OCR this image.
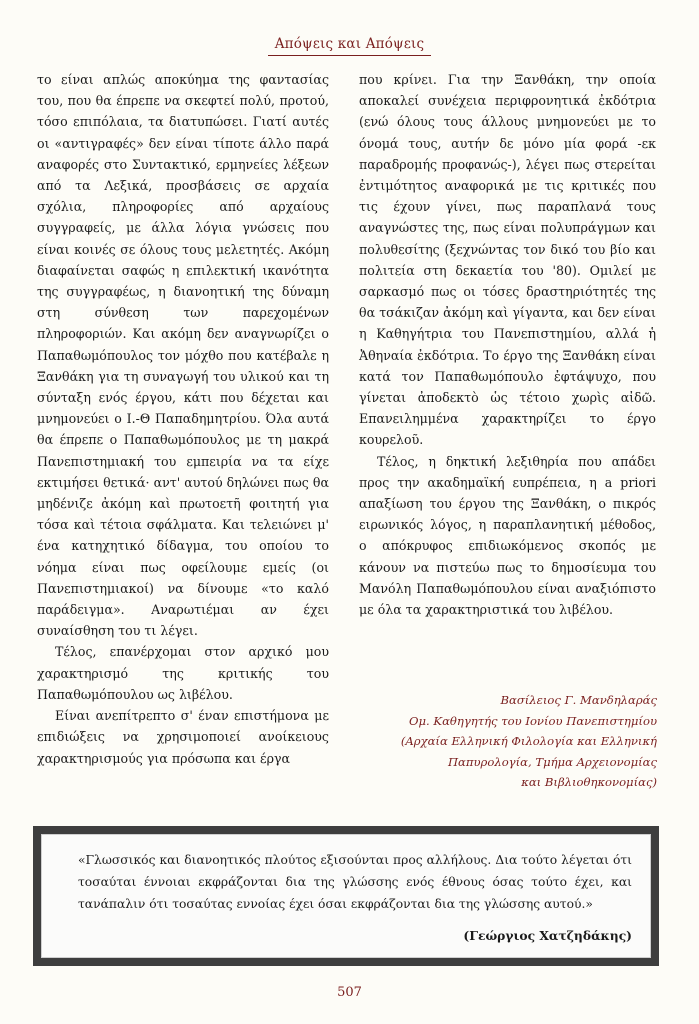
Απόψεις και Απόψεις

το είναι απλώς αποκύημα της φαντασίας του, που θα έπρεπε να σκεφτεί πολύ, προτού, τόσο επιπόλαια, τα διατυπώσει. Γιατί αυτές οι «αντιγραφές» δεν είναι τίποτε άλλο παρά αναφορές στο Συντακτικό, ερμηνείες λέξεων από τα Λεξικά, προσβάσεις σε αρχαία σχόλια, πληροφορίες από αρχαίους συγγραφείς, με άλλα λόγια γνώσεις που είναι κοινές σε όλους τους μελετητές. Ακόμη διαφαίνεται σαφώς η επιλεκτική ικανότητα της συγγραφέως, η διανοητική της δύναμη στη σύνθεση των παρεχομένων πληροφοριών. Και ακόμη δεν αναγνωρίζει ο Παπαθωμόπουλος τον μόχθο που κατέβαλε η Ξανθάκη για τη συναγωγή του υλικού και τη σύνταξη ενός έργου, κάτι που δέχεται και μνημονεύει ο Ι.-Θ Παπαδημητρίου. Όλα αυτά θα έπρεπε ο Παπαθωμόπουλος με τη μακρά Πανεπιστημιακή του εμπειρία να τα είχε εκτιμήσει θετικά· αντ' αυτού δηλώνει πως θα μηδένιζε ἀκόμη καὶ πρωτοετῆ φοιτητή για τόσα καὶ τέτοια σφάλματα. Και τελειώνει μ' ένα κατηχητικό δίδαγμα, του οποίου το νόημα είναι πως οφείλουμε εμείς (οι Πανεπιστημιακοί) να δίνουμε «το καλό παράδειγμα». Αναρωτιέμαι αν έχει συναίσθηση του τι λέγει.

Τέλος, επανέρχομαι στον αρχικό μου χαρακτηρισμό της κριτικής του Παπαθωμόπουλου ως λιβέλου.

Είναι ανεπίτρεπτο σ' έναν επιστήμονα με επιδιώξεις να χρησιμοποιεί ανοίκειους χαρακτηρισμούς για πρόσωπα και έργα

που κρίνει. Για την Ξανθάκη, την οποία αποκαλεί συνέχεια περιφρονητικά ἐκδότρια (ενώ όλους τους άλλους μνημονεύει με το όνομά τους, αυτήν δε μόνο μία φορά -εκ παραδρομής προφανώς-), λέγει πως στερείται ἐντιμότητος αναφορικά με τις κριτικές που τις έχουν γίνει, πως παραπλανά τους αναγνώστες της, πως είναι πολυπράγμων και πολυθεσίτης (ξεχνώντας τον δικό του βίο και πολιτεία στη δεκαετία του '80). Ομιλεί με σαρκασμό πως οι τόσες δραστηριότητές της θα τσάκιζαν ἀκόμη καὶ γίγαντα, και δεν είναι η Καθηγήτρια του Πανεπιστημίου, αλλά ἡ Ἀθηναία ἐκδότρια. Το έργο της Ξανθάκη είναι κατά τον Παπαθωμόπουλο ἐφτάψυχο, που γίνεται ἀποδεκτὸ ὡς τέτοιο χωρὶς αἰδῶ. Επανειλημμένα χαρακτηρίζει το έργο κουρελοῦ.

Τέλος, η δηκτική λεξιθηρία που απάδει προς την ακαδημαϊκή ευπρέπεια, η a priori απαξίωση του έργου της Ξανθάκη, ο πικρός ειρωνικός λόγος, η παραπλανητική μέθοδος, ο απόκρυφος επιδιωκόμενος σκοπός με κάνουν να πιστεύω πως το δημοσίευμα του Μανόλη Παπαθωμόπουλου είναι αναξιόπιστο με όλα τα χαρακτηριστικά του λιβέλου.

Βασίλειος Γ. Μανδηλαράς
Ομ. Καθηγητής του Ιονίου Πανεπιστημίου
(Αρχαία Ελληνική Φιλολογία και Ελληνική
Παπυρολογία, Τμήμα Αρχειονομίας
και Βιβλιοθηκονομίας)

«Γλωσσικός και διανοητικός πλούτος εξισούνται προς αλλήλους. Δια τούτο λέγεται ότι τοσαύται έννοιαι εκφράζονται δια της γλώσσης ενός έθνους όσας τούτο έχει, και τανάπαλιν ότι τοσαύτας εννοίας έχει όσαι εκφράζονται δια της γλώσσης αυτού.»

(Γεώργιος Χατζηδάκης)
507
